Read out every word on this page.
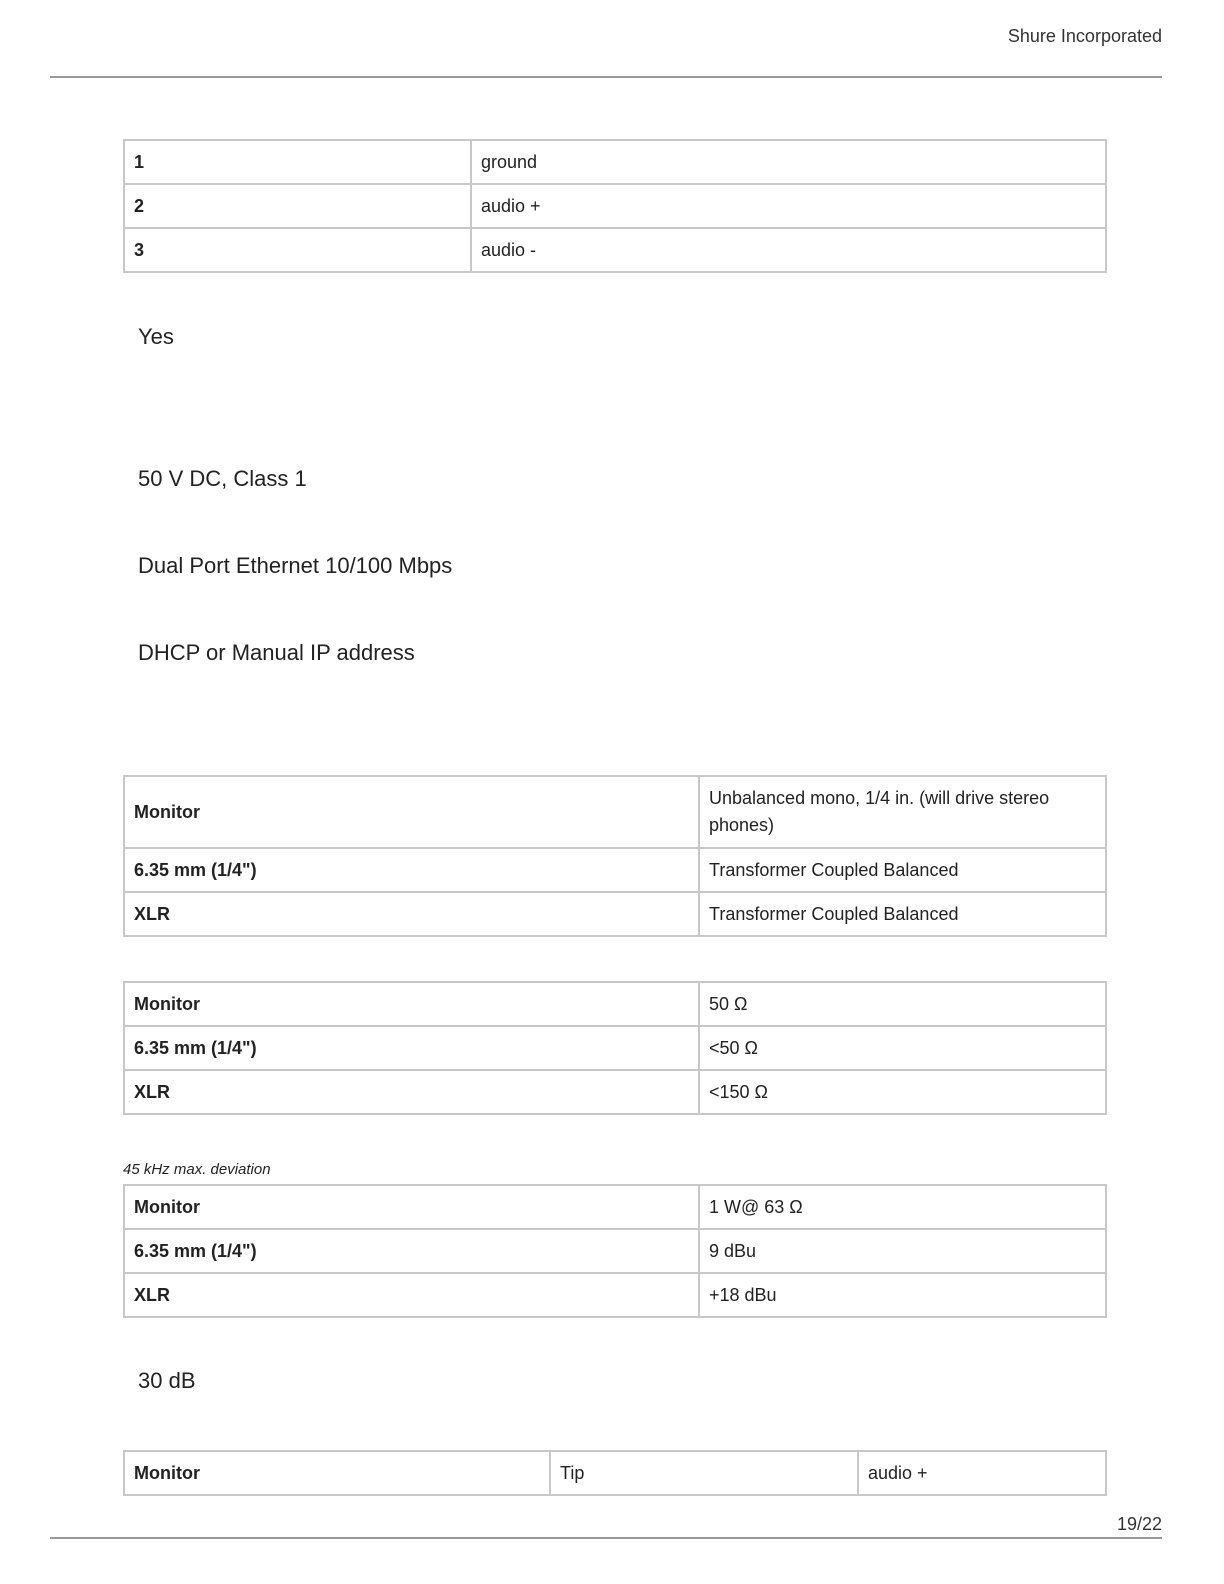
Shure Incorporated
1	ground
2	audio +
3	audio -
Yes
50 V DC, Class 1
Dual Port Ethernet 10/100 Mbps
DHCP or Manual IP address
Monitor	Unbalanced mono, 1/4 in. (will drive stereo phones)
6.35 mm (1/4")	Transformer Coupled Balanced
XLR	Transformer Coupled Balanced
Monitor	50 Ω
6.35 mm (1/4")	<50 Ω
XLR	<150 Ω
45 kHz max. deviation
Monitor	1 W@ 63 Ω
6.35 mm (1/4")	9 dBu
XLR	+18 dBu
30 dB
Monitor	Tip	audio +
19/22
